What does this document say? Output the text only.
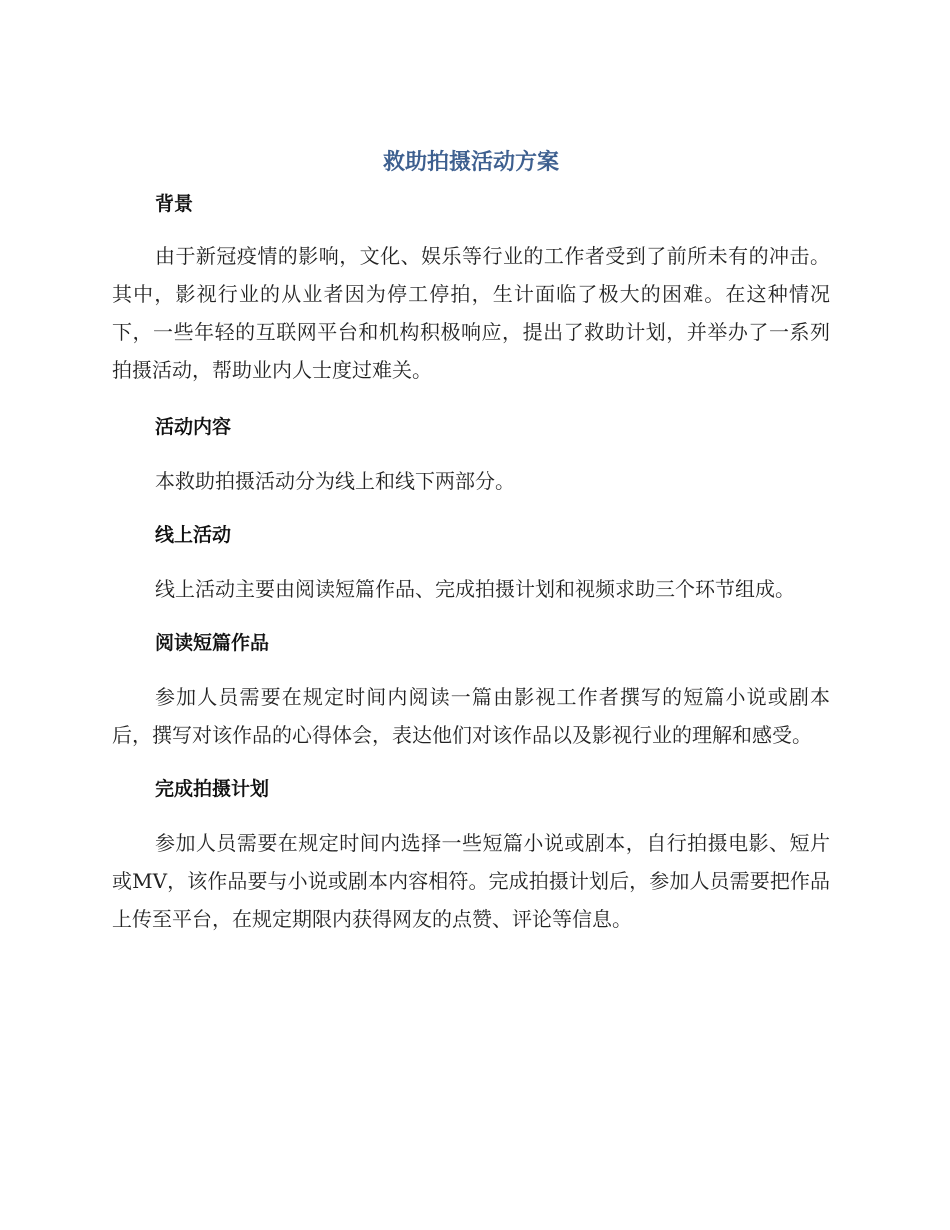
救助拍摄活动方案
背景

由于新冠疫情的影响，文化、娱乐等行业的工作者受到了前所未有的冲击。其中，影视行业的从业者因为停工停拍，生计面临了极大的困难。在这种情况下，一些年轻的互联网平台和机构积极响应，提出了救助计划，并举办了一系列拍摄活动，帮助业内人士度过难关。

活动内容

本救助拍摄活动分为线上和线下两部分。

线上活动

线上活动主要由阅读短篇作品、完成拍摄计划和视频求助三个环节组成。

阅读短篇作品

参加人员需要在规定时间内阅读一篇由影视工作者撰写的短篇小说或剧本后，撰写对该作品的心得体会，表达他们对该作品以及影视行业的理解和感受。

完成拍摄计划

参加人员需要在规定时间内选择一些短篇小说或剧本，自行拍摄电影、短片或MV，该作品要与小说或剧本内容相符。完成拍摄计划后，参加人员需要把作品上传至平台，在规定期限内获得网友的点赞、评论等信息。
